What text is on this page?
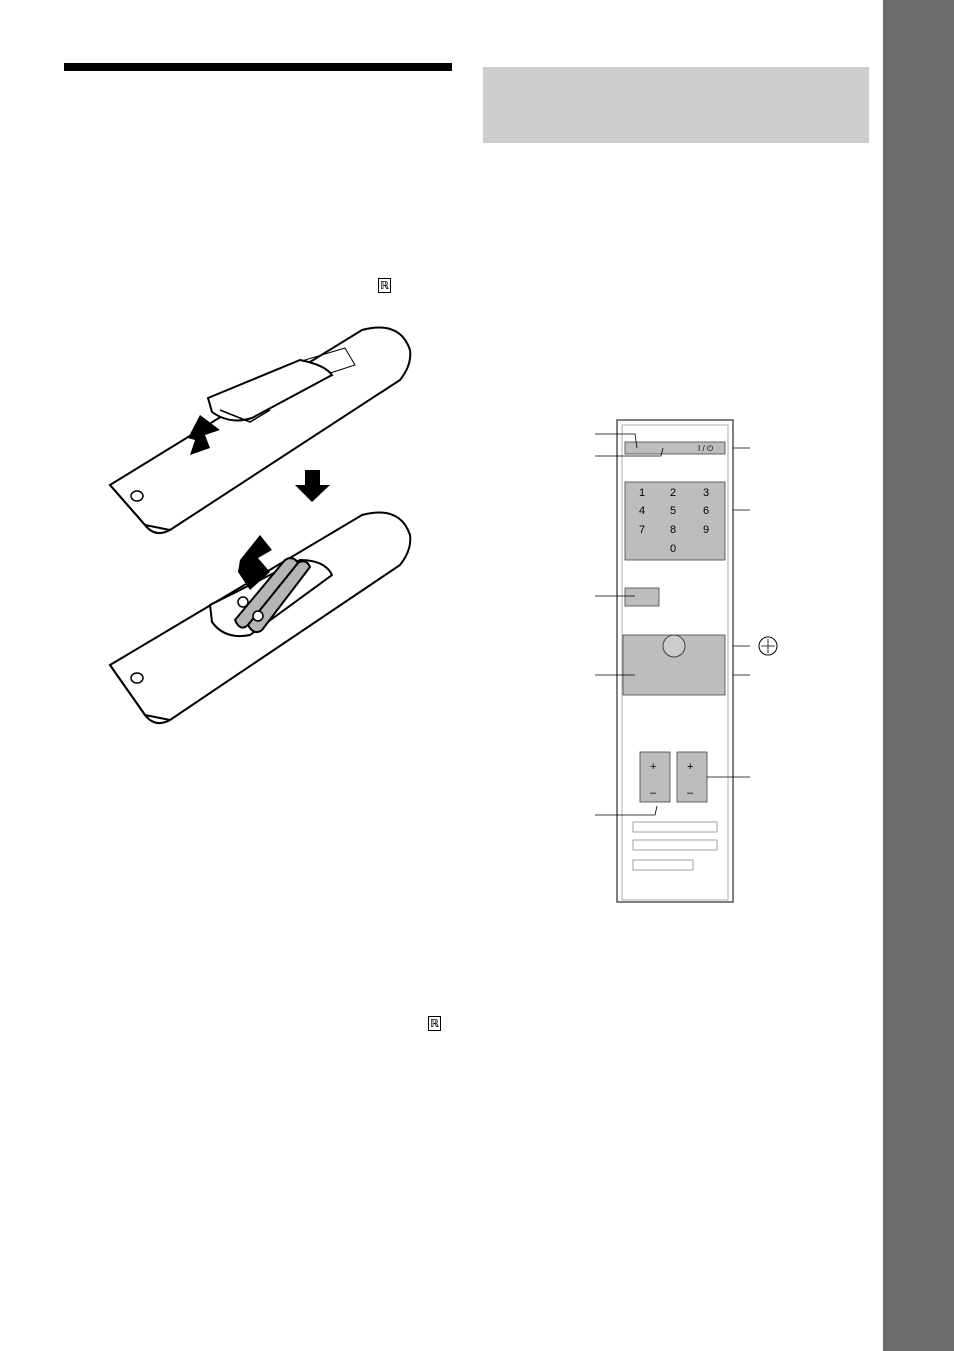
ℝ
ℝ
I / ⏻
1 2 3
4 5 6
7 8 9
0
+
–
+
–
